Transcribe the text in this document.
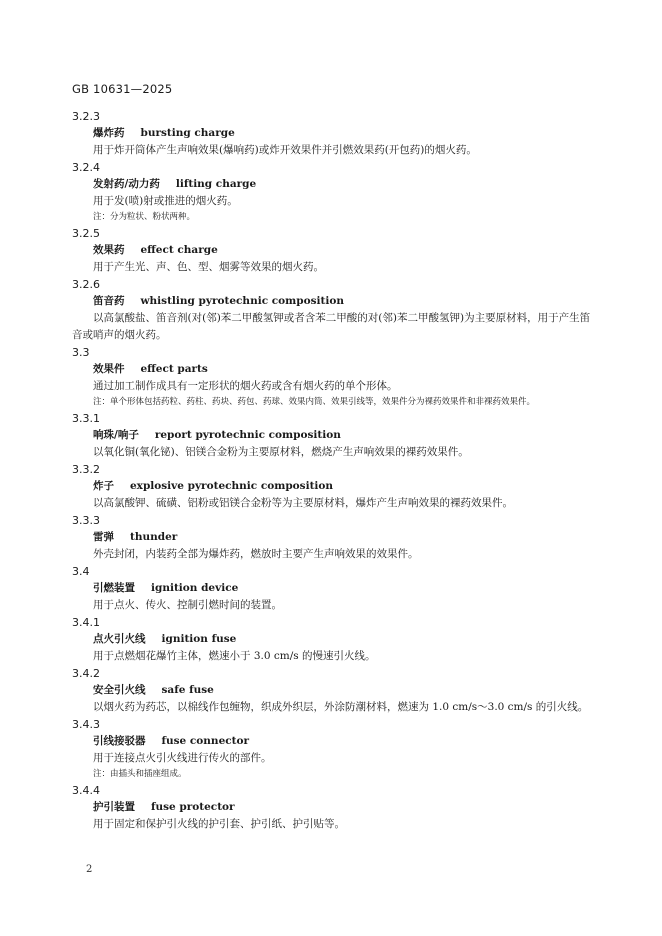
GB 10631—2025
3.2.3
爆炸药 bursting charge
用于炸开筒体产生声响效果(爆响药)或炸开效果件并引燃效果药(开包药)的烟火药。
3.2.4
发射药/动力药 lifting charge
用于发(喷)射或推进的烟火药。
注：分为粒状、粉状两种。
3.2.5
效果药 effect charge
用于产生光、声、色、型、烟雾等效果的烟火药。
3.2.6
笛音药 whistling pyrotechnic composition
以高氯酸盐、笛音剂(对(邻)苯二甲酸氢钾或者含苯二甲酸的对(邻)苯二甲酸氢钾)为主要原材料，用于产生笛音或哨声的烟火药。
3.3
效果件 effect parts
通过加工制作成具有一定形状的烟火药或含有烟火药的单个形体。
注：单个形体包括药粒、药柱、药块、药包、药球、效果内筒、效果引线等，效果件分为裸药效果件和非裸药效果件。
3.3.1
响珠/响子 report pyrotechnic composition
以氧化铜(氧化铋)、铝镁合金粉为主要原材料，燃烧产生声响效果的裸药效果件。
3.3.2
炸子 explosive pyrotechnic composition
以高氯酸钾、硫磺、铝粉或铝镁合金粉等为主要原材料，爆炸产生声响效果的裸药效果件。
3.3.3
雷弹 thunder
外壳封闭，内装药全部为爆炸药，燃放时主要产生声响效果的效果件。
3.4
引燃装置 ignition device
用于点火、传火、控制引燃时间的装置。
3.4.1
点火引火线 ignition fuse
用于点燃烟花爆竹主体，燃速小于 3.0 cm/s 的慢速引火线。
3.4.2
安全引火线 safe fuse
以烟火药为药芯，以棉线作包缠物，织成外织层，外涂防潮材料，燃速为 1.0 cm/s～3.0 cm/s 的引火线。
3.4.3
引线接驳器 fuse connector
用于连接点火引火线进行传火的部件。
注：由插头和插座组成。
3.4.4
护引装置 fuse protector
用于固定和保护引火线的护引套、护引纸、护引贴等。
2
